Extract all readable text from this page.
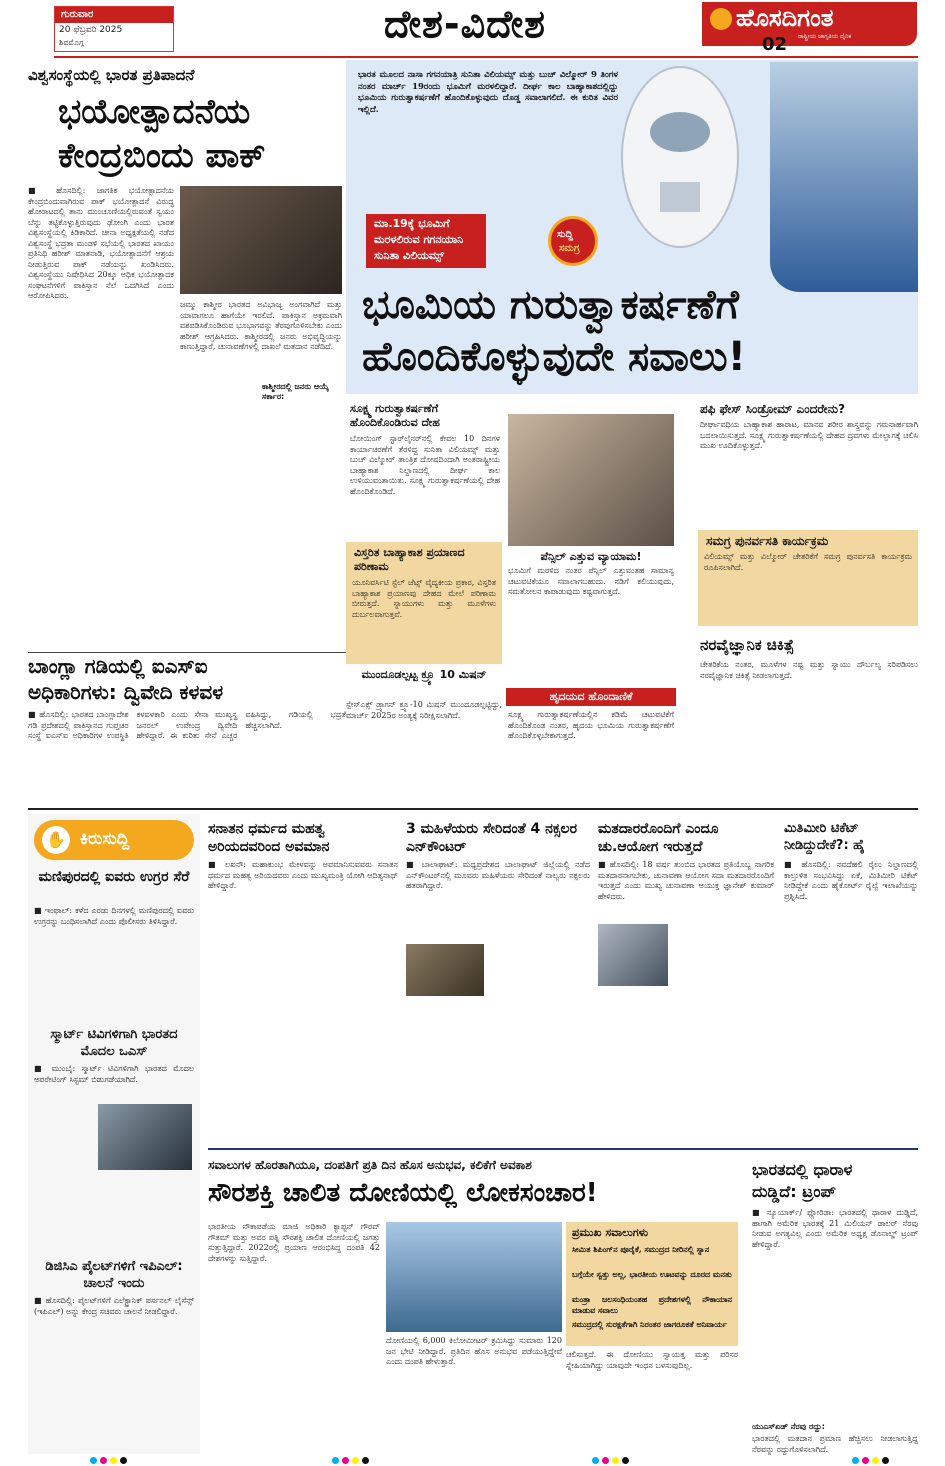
ಗುರುವಾರ
20 ಫೆಬ್ರವರಿ 2025
ಶಿವಮೊಗ್ಗ	ದೇಶ-ವಿದೇಶ	ಹೊಸದಿಗಂತ
ರಾಷ್ಟ್ರೀಯ ಜಾಗೃತಿಯ ದೈನಿಕ
02
ವಿಶ್ವಸಂಸ್ಥೆಯಲ್ಲಿ ಭಾರತ ಪ್ರತಿಪಾದನೆ
ಭಯೋತ್ಪಾದನೆಯ
ಕೇಂದ್ರಬಿಂದು ಪಾಕ್
■ ಹೊಸದಿಲ್ಲಿ: ಜಾಗತಿಕ ಭಯೋತ್ಪಾದನೆಯ ಕೇಂದ್ರಬಿಂದುವಾಗಿರುವ ಪಾಕ್ ಭಯೋತ್ಪಾದನೆ ವಿರುದ್ಧ ಹೋರಾಟದಲ್ಲಿ ತಾನು ಮುಂಚೂಣಿಯಲ್ಲಿರುವಂತೆ ಸ್ವಯಂ ಬೆನ್ನು ತಟ್ಟಿಕೊಳ್ಳುತ್ತಿರುವುದು ಢೋಂಗಿ ಎಂದು ಭಾರತ ವಿಶ್ವಸಂಸ್ಥೆಯಲ್ಲಿ ಕಿಡಿಕಾರಿದೆ. ಚೀನಾ ಅಧ್ಯಕ್ಷತೆಯಲ್ಲಿ ನಡೆದ ವಿಶ್ವಸಂಸ್ಥೆ ಭದ್ರತಾ ಮಂಡಳಿ ಸಭೆಯಲ್ಲಿ ಭಾರತದ ಖಾಯಂ ಪ್ರತಿನಿಧಿ ಹರೀಶ್ ಮಾತನಾಡಿ, ಭಯೋತ್ಪಾದನೆಗೆ ಆಶ್ರಯ ನೀಡುತ್ತಿರುವ ಪಾಕ್ ನಡೆಯನ್ನು ಖಂಡಿಸಿದರು. ವಿಶ್ವಸಂಸ್ಥೆಯು ನಿಷೇಧಿಸಿದ 20ಕ್ಕೂ ಅಧಿಕ ಭಯೋತ್ಪಾದಕ ಸಂಘಟನೆಗಳಿಗೆ ಪಾಕಿಸ್ತಾನ ನೆಲೆ ಒದಗಿಸಿದೆ ಎಂದು ಆರೋಪಿಸಿದರು.
ಕಾಶ್ಮೀರದಲ್ಲಿ ಜನರು ಆಯ್ಕೆ ಸರ್ಕಾರ:
ಜಮ್ಮು ಕಾಶ್ಮೀರ ಭಾರತದ ಅವಿಭಾಜ್ಯ ಅಂಗವಾಗಿದೆ ಮತ್ತು ಯಾವಾಗಲೂ ಹಾಗೆಯೇ ಇರಲಿದೆ. ಪಾಕಿಸ್ತಾನ ಅಕ್ರಮವಾಗಿ ವಶಪಡಿಸಿಕೊಂಡಿರುವ ಭೂಭಾಗವನ್ನು ತೆರವುಗೊಳಿಸಬೇಕು ಎಂದು ಹರೀಶ್ ಆಗ್ರಹಿಸಿದರು. ಕಾಶ್ಮೀರದಲ್ಲಿ ಜನರು ಅಭಿವೃದ್ಧಿಯನ್ನು ಕಾಣುತ್ತಿದ್ದಾರೆ, ಚುನಾವಣೆಗಳಲ್ಲಿ ದಾಖಲೆ ಮತದಾನ ನಡೆದಿದೆ.
ಬಾಂಗ್ಲಾ ಗಡಿಯಲ್ಲಿ ಐಎಸ್‌ಐ
ಅಧಿಕಾರಿಗಳು: ದ್ವಿವೇದಿ ಕಳವಳ
■ ಹೊಸದಿಲ್ಲಿ: ಭಾರತದ ಬಾಂಗ್ಲಾದೇಶ ಗಡಿ ಪ್ರದೇಶದಲ್ಲಿ ಪಾಕಿಸ್ತಾನದ ಗುಪ್ತಚರ ಸಂಸ್ಥೆ ಐಎಸ್‌ಐ ಅಧಿಕಾರಿಗಳ ಉಪಸ್ಥಿತಿ ಕಳವಳಕಾರಿ ಎಂದು ಸೇನಾ ಮುಖ್ಯಸ್ಥ ಜನರಲ್ ಉಪೇಂದ್ರ ದ್ವಿವೇದಿ ಹೇಳಿದ್ದಾರೆ. ಈ ಕುರಿತು ಸೇನೆ ಎಚ್ಚರ ವಹಿಸಿದ್ದು, ಗಡಿಯಲ್ಲಿ ಭದ್ರತೆ ಹೆಚ್ಚಿಸಲಾಗಿದೆ.
ಭಾರತ ಮೂಲದ ನಾಸಾ ಗಗನಯಾತ್ರಿ ಸುನಿತಾ ವಿಲಿಯಮ್ಸ್ ಮತ್ತು ಬುಚ್ ವಿಲ್ಮೋರ್ 9 ತಿಂಗಳ ನಂತರ ಮಾರ್ಚ್ 19ರಂದು ಭೂಮಿಗೆ ಮರಳಲಿದ್ದಾರೆ. ದೀರ್ಘ ಕಾಲ ಬಾಹ್ಯಾಕಾಶದಲ್ಲಿದ್ದು ಭೂಮಿಯ ಗುರುತ್ವಾಕರ್ಷಣೆಗೆ ಹೊಂದಿಕೊಳ್ಳುವುದು ದೊಡ್ಡ ಸವಾಲಾಗಲಿದೆ. ಈ ಕುರಿತ ವಿವರ ಇಲ್ಲಿದೆ.
ಮಾ.19ಕ್ಕೆ ಭೂಮಿಗೆ
ಮರಳಲಿರುವ ಗಗನಯಾನಿ
ಸುನಿತಾ ವಿಲಿಯಮ್ಸ್
ಸುದ್ದಿ
ಸಮಗ್ರ
ಭೂಮಿಯ ಗುರುತ್ವಾಕರ್ಷಣೆಗೆ
ಹೊಂದಿಕೊಳ್ಳುವುದೇ ಸವಾಲು!
ಸೂಕ್ಷ್ಮ ಗುರುತ್ವಾಕರ್ಷಣೆಗೆ ಹೊಂದಿಕೊಂಡಿರುವ ದೇಹ
ಬೋಯಿಂಗ್ ಸ್ಟಾರ್‌ಲೈನರ್‌ನಲ್ಲಿ ಕೇವಲ 10 ದಿನಗಳ ಕಾರ್ಯಾಚರಣೆಗೆ ತೆರಳಿದ್ದ ಸುನಿತಾ ವಿಲಿಯಮ್ಸ್ ಮತ್ತು ಬುಚ್ ವಿಲ್ಮೋರ್ ತಾಂತ್ರಿಕ ದೋಷದಿಂದಾಗಿ ಅಂತರಾಷ್ಟ್ರೀಯ ಬಾಹ್ಯಾಕಾಶ ನಿಲ್ದಾಣದಲ್ಲಿ ದೀರ್ಘ ಕಾಲ ಉಳಿಯುವಂತಾಯಿತು. ಸೂಕ್ಷ್ಮ ಗುರುತ್ವಾಕರ್ಷಣೆಯಲ್ಲಿ ದೇಹ ಹೊಂದಿಕೊಂಡಿದೆ.
ವಿಸ್ತರಿತ ಬಾಹ್ಯಾಕಾಶ ಪ್ರಯಾಣದ ಪರಿಣಾಮ
ಯೂನಿವರ್ಸಿಟಿ ಸ್ಟೆಲ್ ಜೆಟ್ಸ್ ವೈದ್ಯಕೀಯ ಪ್ರಕಾರ, ವಿಸ್ತರಿತ ಬಾಹ್ಯಾಕಾಶ ಪ್ರಯಾಣವು ದೇಹದ ಮೇಲೆ ಪರಿಣಾಮ ಬೀರುತ್ತದೆ. ಸ್ನಾಯುಗಳು ಮತ್ತು ಮೂಳೆಗಳು ದುರ್ಬಲವಾಗುತ್ತವೆ.
ಪೆನ್ಸಿಲ್ ಎತ್ತುವ ವ್ಯಾಯಾಮ!
ಭೂಮಿಗೆ ಮರಳಿದ ನಂತರ ಪೆನ್ಸಿಲ್ ಎತ್ತುವಂತಹ ಸಾಮಾನ್ಯ ಚಟುವಟಿಕೆಯೂ ಸವಾಲಾಗಬಹುದು. ನಡಿಗೆ ಕಲಿಯುವುದು, ಸಮತೋಲನ ಕಾಪಾಡುವುದು ಕಷ್ಟವಾಗುತ್ತದೆ.
ಮುಂದೂಡಲ್ಪಟ್ಟ ಕ್ರ್ಯೂ 10 ಮಿಷನ್
ಸ್ಪೇಸ್‌ಎಕ್ಸ್ ಡ್ರ್ಯಾಗನ್ ಕ್ರ್ಯೂ-10 ಮಿಷನ್ ಮುಂದೂಡಲ್ಪಟ್ಟಿದ್ದು, ಮಾರ್ಚ್ 2025ರ ಅಂತ್ಯಕ್ಕೆ ನಿರೀಕ್ಷಿಸಲಾಗಿದೆ.
ಹೃದಯದ ಹೊಂದಾಣಿಕೆ
ಸೂಕ್ಷ್ಮ ಗುರುತ್ವಾಕರ್ಷಣೆಯಲ್ಲಿನ ಕಡಿಮೆ ಚಟುವಟಿಕೆಗೆ ಹೊಂದಿಕೊಂಡ ನಂತರ, ಹೃದಯ ಭೂಮಿಯ ಗುರುತ್ವಾಕರ್ಷಣೆಗೆ ಹೊಂದಿಕೊಳ್ಳಬೇಕಾಗುತ್ತದೆ.
ಪಫಿ ಫೇಸ್ ಸಿಂಡ್ರೋಮ್ ಎಂದರೇನು?
ದೀರ್ಘಾವಧಿಯ ಬಾಹ್ಯಾಕಾಶ ಹಾರಾಟ, ಮಾನವ ಶರೀರ ಶಾಸ್ತ್ರವನ್ನು ಗಮನಾರ್ಹವಾಗಿ ಬದಲಾಯಿಸುತ್ತದೆ. ಸೂಕ್ಷ್ಮ ಗುರುತ್ವಾಕರ್ಷಣೆಯಲ್ಲಿ ದೇಹದ ದ್ರವಗಳು ಮೇಲ್ಭಾಗಕ್ಕೆ ಚಲಿಸಿ ಮುಖ ಊದಿಕೊಳ್ಳುತ್ತದೆ.
ಸಮಗ್ರ ಪುನರ್ವಸತಿ ಕಾರ್ಯಕ್ರಮ
ವಿಲಿಯಮ್ಸ್ ಮತ್ತು ವಿಲ್ಮೋರ್ ಚೇತರಿಕೆಗೆ ಸಮಗ್ರ ಪುನರ್ವಸತಿ ಕಾರ್ಯಕ್ರಮ ರೂಪಿಸಲಾಗಿದೆ.
ನರವೈಜ್ಞಾನಿಕ ಚಿಕಿತ್ಸೆ
ಚೇತರಿಕೆಯ ನಂತರ, ಮೂಳೆಗಳ ನಷ್ಟ ಮತ್ತು ಸ್ನಾಯು ದೌರ್ಬಲ್ಯ ಸರಿಪಡಿಸಲು ನರವೈಜ್ಞಾನಿಕ ಚಿಕಿತ್ಸೆ ನೀಡಲಾಗುತ್ತದೆ.
✋ ಕಿರುಸುದ್ದಿ
ಮಣಿಪುರದಲ್ಲಿ ಐವರು ಉಗ್ರರ ಸೆರೆ
■ ಇಂಫಾಲ್: ಕಳೆದ ಎರಡು ದಿನಗಳಲ್ಲಿ ಮಣಿಪುರದಲ್ಲಿ ಐವರು ಉಗ್ರರನ್ನು ಬಂಧಿಸಲಾಗಿದೆ ಎಂದು ಪೊಲೀಸರು ತಿಳಿಸಿದ್ದಾರೆ.
ಸ್ಮಾರ್ಟ್ ಟಿವಿಗಳಿಗಾಗಿ ಭಾರತದ ಮೊದಲ ಒಎಸ್
■ ಮುಂಬೈ: ಸ್ಮಾರ್ಟ್ ಟಿವಿಗಳಿಗಾಗಿ ಭಾರತದ ಮೊದಲ ಆಪರೇಟಿಂಗ್ ಸಿಸ್ಟಮ್ ಬಿಡುಗಡೆಯಾಗಿದೆ.
ಡಿಜಿಸಿಎ ಪೈಲಟ್‌ಗಳಿಗೆ ಇಪಿಎಲ್: ಚಾಲನೆ ಇಂದು
■ ಹೊಸದಿಲ್ಲಿ: ಪೈಲಟ್‌ಗಳಿಗೆ ಎಲೆಕ್ಟ್ರಾನಿಕ್ ಪರ್ಸನಲ್ ಲೈಸೆನ್ಸ್ (ಇಪಿಎಲ್) ಅನ್ನು ಕೇಂದ್ರ ಸಚಿವರು ಚಾಲನೆ ನೀಡಲಿದ್ದಾರೆ.
ಸನಾತನ ಧರ್ಮದ ಮಹತ್ವ ಅರಿಯದವರಿಂದ ಅವಮಾನ
■ ಲಖನೌ: ಮಹಾಕುಂಭ ಮೇಳವನ್ನು ಅವಮಾನಿಸುವವರು ಸನಾತನ ಧರ್ಮದ ಮಹತ್ವ ಅರಿಯದವರು ಎಂದು ಮುಖ್ಯಮಂತ್ರಿ ಯೋಗಿ ಆದಿತ್ಯನಾಥ್ ಹೇಳಿದ್ದಾರೆ.
3 ಮಹಿಳೆಯರು ಸೇರಿದಂತೆ 4 ನಕ್ಸಲರ ಎನ್‌ಕೌಂಟರ್
■ ಬಾಲಾಘಾಟ್: ಮಧ್ಯಪ್ರದೇಶದ ಬಾಲಾಘಾಟ್ ಜಿಲ್ಲೆಯಲ್ಲಿ ನಡೆದ ಎನ್‌ಕೌಂಟರ್‌ನಲ್ಲಿ ಮೂವರು ಮಹಿಳೆಯರು ಸೇರಿದಂತೆ ನಾಲ್ವರು ನಕ್ಸಲರು ಹತರಾಗಿದ್ದಾರೆ.
ಮತದಾರರೊಂದಿಗೆ ಎಂದೂ ಚು.ಆಯೋಗ ಇರುತ್ತದೆ
■ ಹೊಸದಿಲ್ಲಿ: 18 ವರ್ಷ ತುಂಬಿದ ಭಾರತದ ಪ್ರತಿಯೊಬ್ಬ ನಾಗರಿಕ ಮತದಾರನಾಗಬೇಕು, ಚುನಾವಣಾ ಆಯೋಗ ಸದಾ ಮತದಾರರೊಂದಿಗೆ ಇರುತ್ತದೆ ಎಂದು ಮುಖ್ಯ ಚುನಾವಣಾ ಆಯುಕ್ತ ಜ್ಞಾನೇಶ್ ಕುಮಾರ್ ಹೇಳಿದರು.
ಮಿತಿಮೀರಿ ಟಿಕೆಟ್ ನೀಡಿದ್ದುದೇಕೆ?: ಹೈ
■ ಹೊಸದಿಲ್ಲಿ: ನವದೆಹಲಿ ರೈಲು ನಿಲ್ದಾಣದಲ್ಲಿ ಕಾಲ್ತುಳಿತ ಸಂಭವಿಸಿದ್ದು ಏಕೆ, ಮಿತಿಮೀರಿ ಟಿಕೆಟ್ ನೀಡಿದ್ದೇಕೆ ಎಂದು ಹೈಕೋರ್ಟ್ ರೈಲ್ವೆ ಇಲಾಖೆಯನ್ನು ಪ್ರಶ್ನಿಸಿದೆ.
ಸವಾಲುಗಳ ಹೊರತಾಗಿಯೂ, ದಂಪತಿಗೆ ಪ್ರತಿ ದಿನ ಹೊಸ ಅನುಭವ, ಕಲಿಕೆಗೆ ಅವಕಾಶ
ಸೌರಶಕ್ತಿ ಚಾಲಿತ ದೋಣಿಯಲ್ಲಿ ಲೋಕಸಂಚಾರ!
ಭಾರತೀಯ ನೌಕಾಪಡೆಯ ಮಾಜಿ ಅಧಿಕಾರಿ ಕ್ಯಾಪ್ಟನ್ ಗೌರವ್ ಗೌತಮ್ ಮತ್ತು ಅವರ ಪತ್ನಿ ಸೌರಶಕ್ತಿ ಚಾಲಿತ ದೋಣಿಯಲ್ಲಿ ಜಗತ್ತು ಸುತ್ತುತ್ತಿದ್ದಾರೆ. 2022ರಲ್ಲಿ ಪ್ರಯಾಣ ಆರಂಭಿಸಿದ್ದ ದಂಪತಿ 42 ದೇಶಗಳನ್ನು ಸುತ್ತಿದ್ದಾರೆ.
ದೋಣಿಯಲ್ಲಿ 6,000 ಕಿಲೋಮೀಟರ್ ಕ್ರಮಿಸಿದ್ದು ಸುಮಾರು 120 ಜನ ಭೇಟಿ ನೀಡಿದ್ದಾರೆ. ಪ್ರತಿದಿನ ಹೊಸ ಅನುಭವ ಪಡೆಯುತ್ತಿದ್ದೇವೆ ಎಂದು ದಂಪತಿ ಹೇಳುತ್ತಾರೆ.
ಪ್ರಮುಖ ಸವಾಲುಗಳು
ಸೀಮಿತ ಶಿಪಿಂಗ್‌ನ ಪೂರೈಕೆ, ಸಮುದ್ರದ ನೀರಿನಲ್ಲಿ ಸ್ನಾನ
ಬಗ್ಗೆಯೇ ಸ್ವತ್ತು ಅಲ್ಲ, ಭಾರತೀಯ ಊಟವನ್ನು ದೂರದ ಮನತು
ಮಂತ್ರಾ ಜಲಸಂಧಿಯಂತಹ ಪ್ರದೇಶಗಳಲ್ಲಿ ನೌಕಾಯಾನ ಮಾಡುವ ಸವಾಲು
ಸಮುದ್ರದಲ್ಲಿ ಸುರಕ್ಷತೆಗಾಗಿ ನಿರಂತರ ಜಾಗರೂಕತೆ ಅನಿವಾರ್ಯ
ಚಲಿಸುತ್ತದೆ. ಈ ದೋಣಿಯು ಸ್ವಾಯತ್ತ ಮತ್ತು ಪರಿಸರ ಸ್ನೇಹಿಯಾಗಿದ್ದು ಯಾವುದೇ ಇಂಧನ ಬಳಸುವುದಿಲ್ಲ.
ಭಾರತದಲ್ಲಿ ಧಾರಾಳ
ದುಡ್ಡಿದೆ: ಟ್ರಂಪ್
■ ನ್ಯೂಯಾರ್ಕ್/ ಫ್ಲೋರಿಡಾ: ಭಾರತದಲ್ಲಿ ಧಾರಾಳ ದುಡ್ಡಿದೆ, ಹಾಗಾಗಿ ಅಮೆರಿಕ ಭಾರತಕ್ಕೆ 21 ಮಿಲಿಯನ್ ಡಾಲರ್ ನೆರವು ನೀಡುವ ಅಗತ್ಯವಿಲ್ಲ ಎಂದು ಅಮೆರಿಕ ಅಧ್ಯಕ್ಷ ಡೊನಾಲ್ಡ್ ಟ್ರಂಪ್ ಹೇಳಿದ್ದಾರೆ.
ಯುಎಸ್‌ಏಡ್ ನೆರವು ರದ್ದು:
ಭಾರತದಲ್ಲಿ ಮತದಾನ ಪ್ರಮಾಣ ಹೆಚ್ಚಿಸಲು ನೀಡಲಾಗುತ್ತಿದ್ದ ನೆರವನ್ನು ರದ್ದುಗೊಳಿಸಲಾಗಿದೆ.
